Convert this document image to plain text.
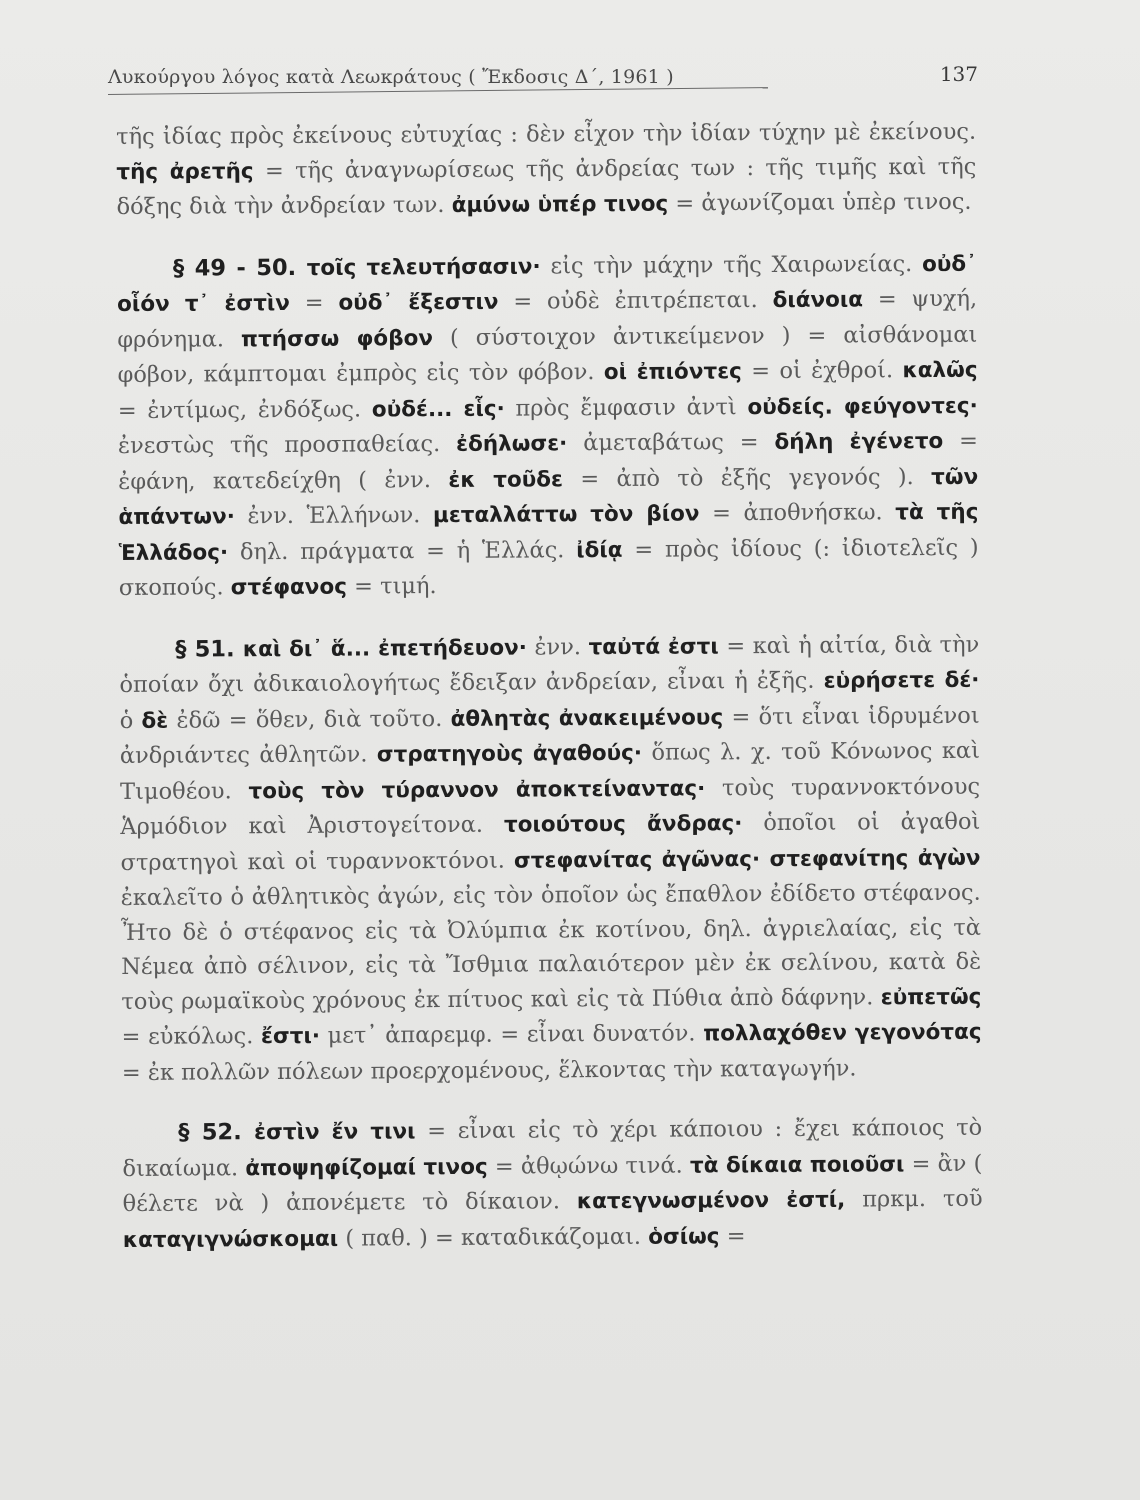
Λυκούργου λόγος κατὰ Λεωκράτους ( Ἔκδοσις Δ΄, 1961 )	137

τῆς ἰδίας πρὸς ἐκείνους εὐτυχίας : δὲν εἶχον τὴν ἰδίαν τύχην μὲ ἐκείνους. τῆς ἀρετῆς = τῆς ἀναγνωρίσεως τῆς ἀνδρείας των : τῆς τιμῆς καὶ τῆς δόξης διὰ τὴν ἀνδρείαν των. ἀμύνω ὑπέρ τινος = ἀγωνίζομαι ὑπὲρ τινος.

§ 49 - 50. τοῖς τελευτήσασιν· εἰς τὴν μάχην τῆς Χαιρωνείας. οὐδ᾽ οἷόν τ᾽ ἐστὶν = οὐδ᾽ ἔξεστιν = οὐδὲ ἐπιτρέπεται. διάνοια = ψυχή, φρόνημα. πτήσσω φόβον ( σύστοιχον ἀντικείμενον ) = αἰσθάνομαι φόβον, κάμπτομαι ἐμπρὸς εἰς τὸν φόβον. οἱ ἐπιόντες = οἱ ἐχθροί. καλῶς = ἐντίμως, ἐνδόξως. οὐδέ... εἷς· πρὸς ἔμφασιν ἀντὶ οὐδείς. φεύγοντες· ἐνεστὼς τῆς προσπαθείας. ἐδήλωσε· ἀμεταβάτως = δήλη ἐγένετο = ἐφάνη, κατεδείχθη ( ἐνν. ἐκ τοῦδε = ἀπὸ τὸ ἐξῆς γεγονός ). τῶν ἁπάντων· ἐνν. Ἑλλήνων. μεταλλάττω τὸν βίον = ἀποθνήσκω. τὰ τῆς Ἑλλάδος· δηλ. πράγματα = ἡ Ἑλλάς. ἰδίᾳ = πρὸς ἰδίους (: ἰδιοτελεῖς ) σκοπούς. στέφανος = τιμή.

§ 51. καὶ δι᾽ ἅ... ἐπετήδευον· ἐνν. ταὐτά ἐστι = καὶ ἡ αἰτία, διὰ τὴν ὁποίαν ὄχι ἀδικαιολογήτως ἔδειξαν ἀνδρείαν, εἶναι ἡ ἐξῆς. εὑρήσετε δέ· ὁ δὲ ἐδῶ = ὅθεν, διὰ τοῦτο. ἀθλητὰς ἀνακειμένους = ὅτι εἶναι ἱδρυμένοι ἀνδριάντες ἀθλητῶν. στρατηγοὺς ἀγαθούς· ὅπως λ. χ. τοῦ Κόνωνος καὶ Τιμοθέου. τοὺς τὸν τύραννον ἀποκτείναντας· τοὺς τυραννοκτόνους Ἁρμόδιον καὶ Ἀριστογείτονα. τοιούτους ἄνδρας· ὁποῖοι οἱ ἀγαθοὶ στρατηγοὶ καὶ οἱ τυραννοκτόνοι. στεφανίτας ἀγῶνας· στεφανίτης ἀγὼν ἐκαλεῖτο ὁ ἀθλητικὸς ἀγών, εἰς τὸν ὁποῖον ὡς ἔπαθλον ἐδίδετο στέφανος. Ἦτο δὲ ὁ στέφανος εἰς τὰ Ὀλύμπια ἐκ κοτίνου, δηλ. ἀγριελαίας, εἰς τὰ Νέμεα ἀπὸ σέλινον, εἰς τὰ Ἴσθμια παλαιότερον μὲν ἐκ σελίνου, κατὰ δὲ τοὺς ρωμαϊκοὺς χρόνους ἐκ πίτυος καὶ εἰς τὰ Πύθια ἀπὸ δάφνην. εὐπετῶς = εὐκόλως. ἔστι· μετ᾽ ἀπαρεμφ. = εἶναι δυνατόν. πολλαχόθεν γεγονότας = ἐκ πολλῶν πόλεων προερχομένους, ἕλκοντας τὴν καταγωγήν.

§ 52. ἐστὶν ἔν τινι = εἶναι εἰς τὸ χέρι κάποιου : ἔχει κάποιος τὸ δικαίωμα. ἀποψηφίζομαί τινος = ἀθῳώνω τινά. τὰ δίκαια ποιοῦσι = ἂν ( θέλετε νὰ ) ἀπονέμετε τὸ δίκαιον. κατεγνωσμένον ἐστί, πρκμ. τοῦ καταγιγνώσκομαι ( παθ. ) = καταδικάζομαι. ὁσίως =
